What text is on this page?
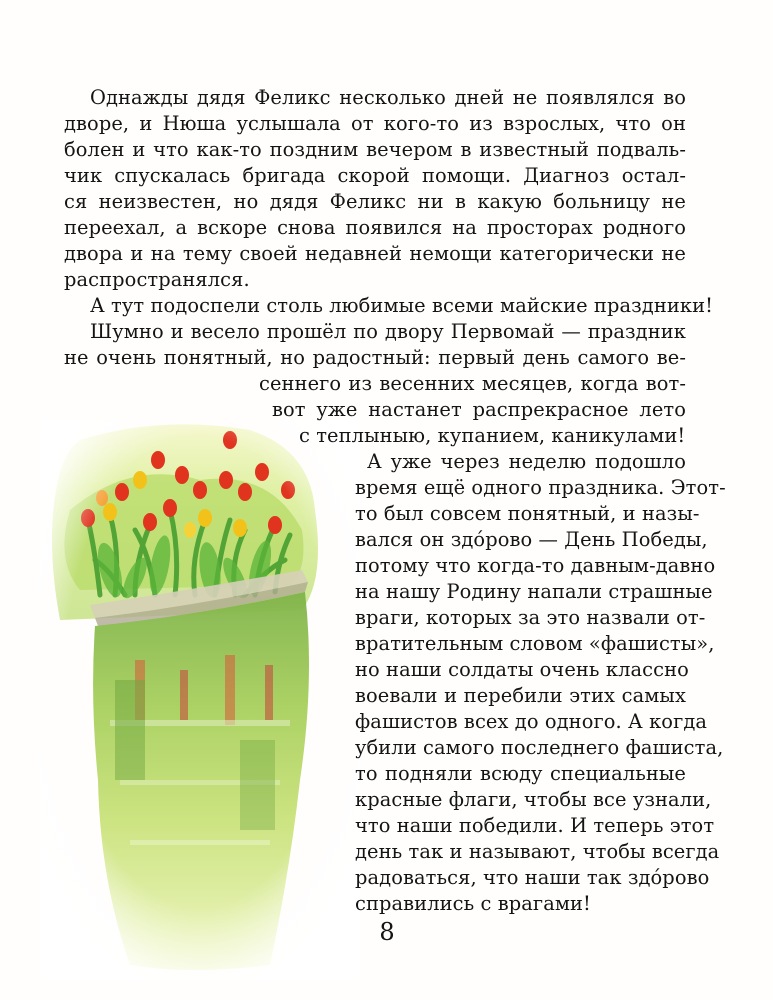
Однажды дядя Феликс несколько дней не появлялся во
дворе, и Нюша услышала от кого-то из взрослых, что он
болен и что как-то поздним вечером в известный подваль-
чик спускалась бригада скорой помощи. Диагноз остал-
ся неизвестен, но дядя Феликс ни в какую больницу не
переехал, а вскоре снова появился на просторах родного
двора и на тему своей недавней немощи категорически не
распространялся.
А тут подоспели столь любимые всеми майские праздники!
Шумно и весело прошёл по двору Первомай — праздник
не очень понятный, но радостный: первый день самого ве-
сеннего из весенних месяцев, когда вот-
вот уже настанет распрекрасное лето
с теплыныю, купанием, каникулами!
А уже через неделю подошло
время ещё одного праздника. Этот-
то был совсем понятный, и назы-
вался он здóрово — День Победы,
потому что когда-то давным-давно
на нашу Родину напали страшные
враги, которых за это назвали от-
вратительным словом «фашисты»,
но наши солдаты очень классно
воевали и перебили этих самых
фашистов всех до одного. А когда
убили самого последнего фашиста,
то подняли всюду специальные
красные флаги, чтобы все узнали,
что наши победили. И теперь этот
день так и называют, чтобы всегда
радоваться, что наши так здóрово
справились с врагами!
8
